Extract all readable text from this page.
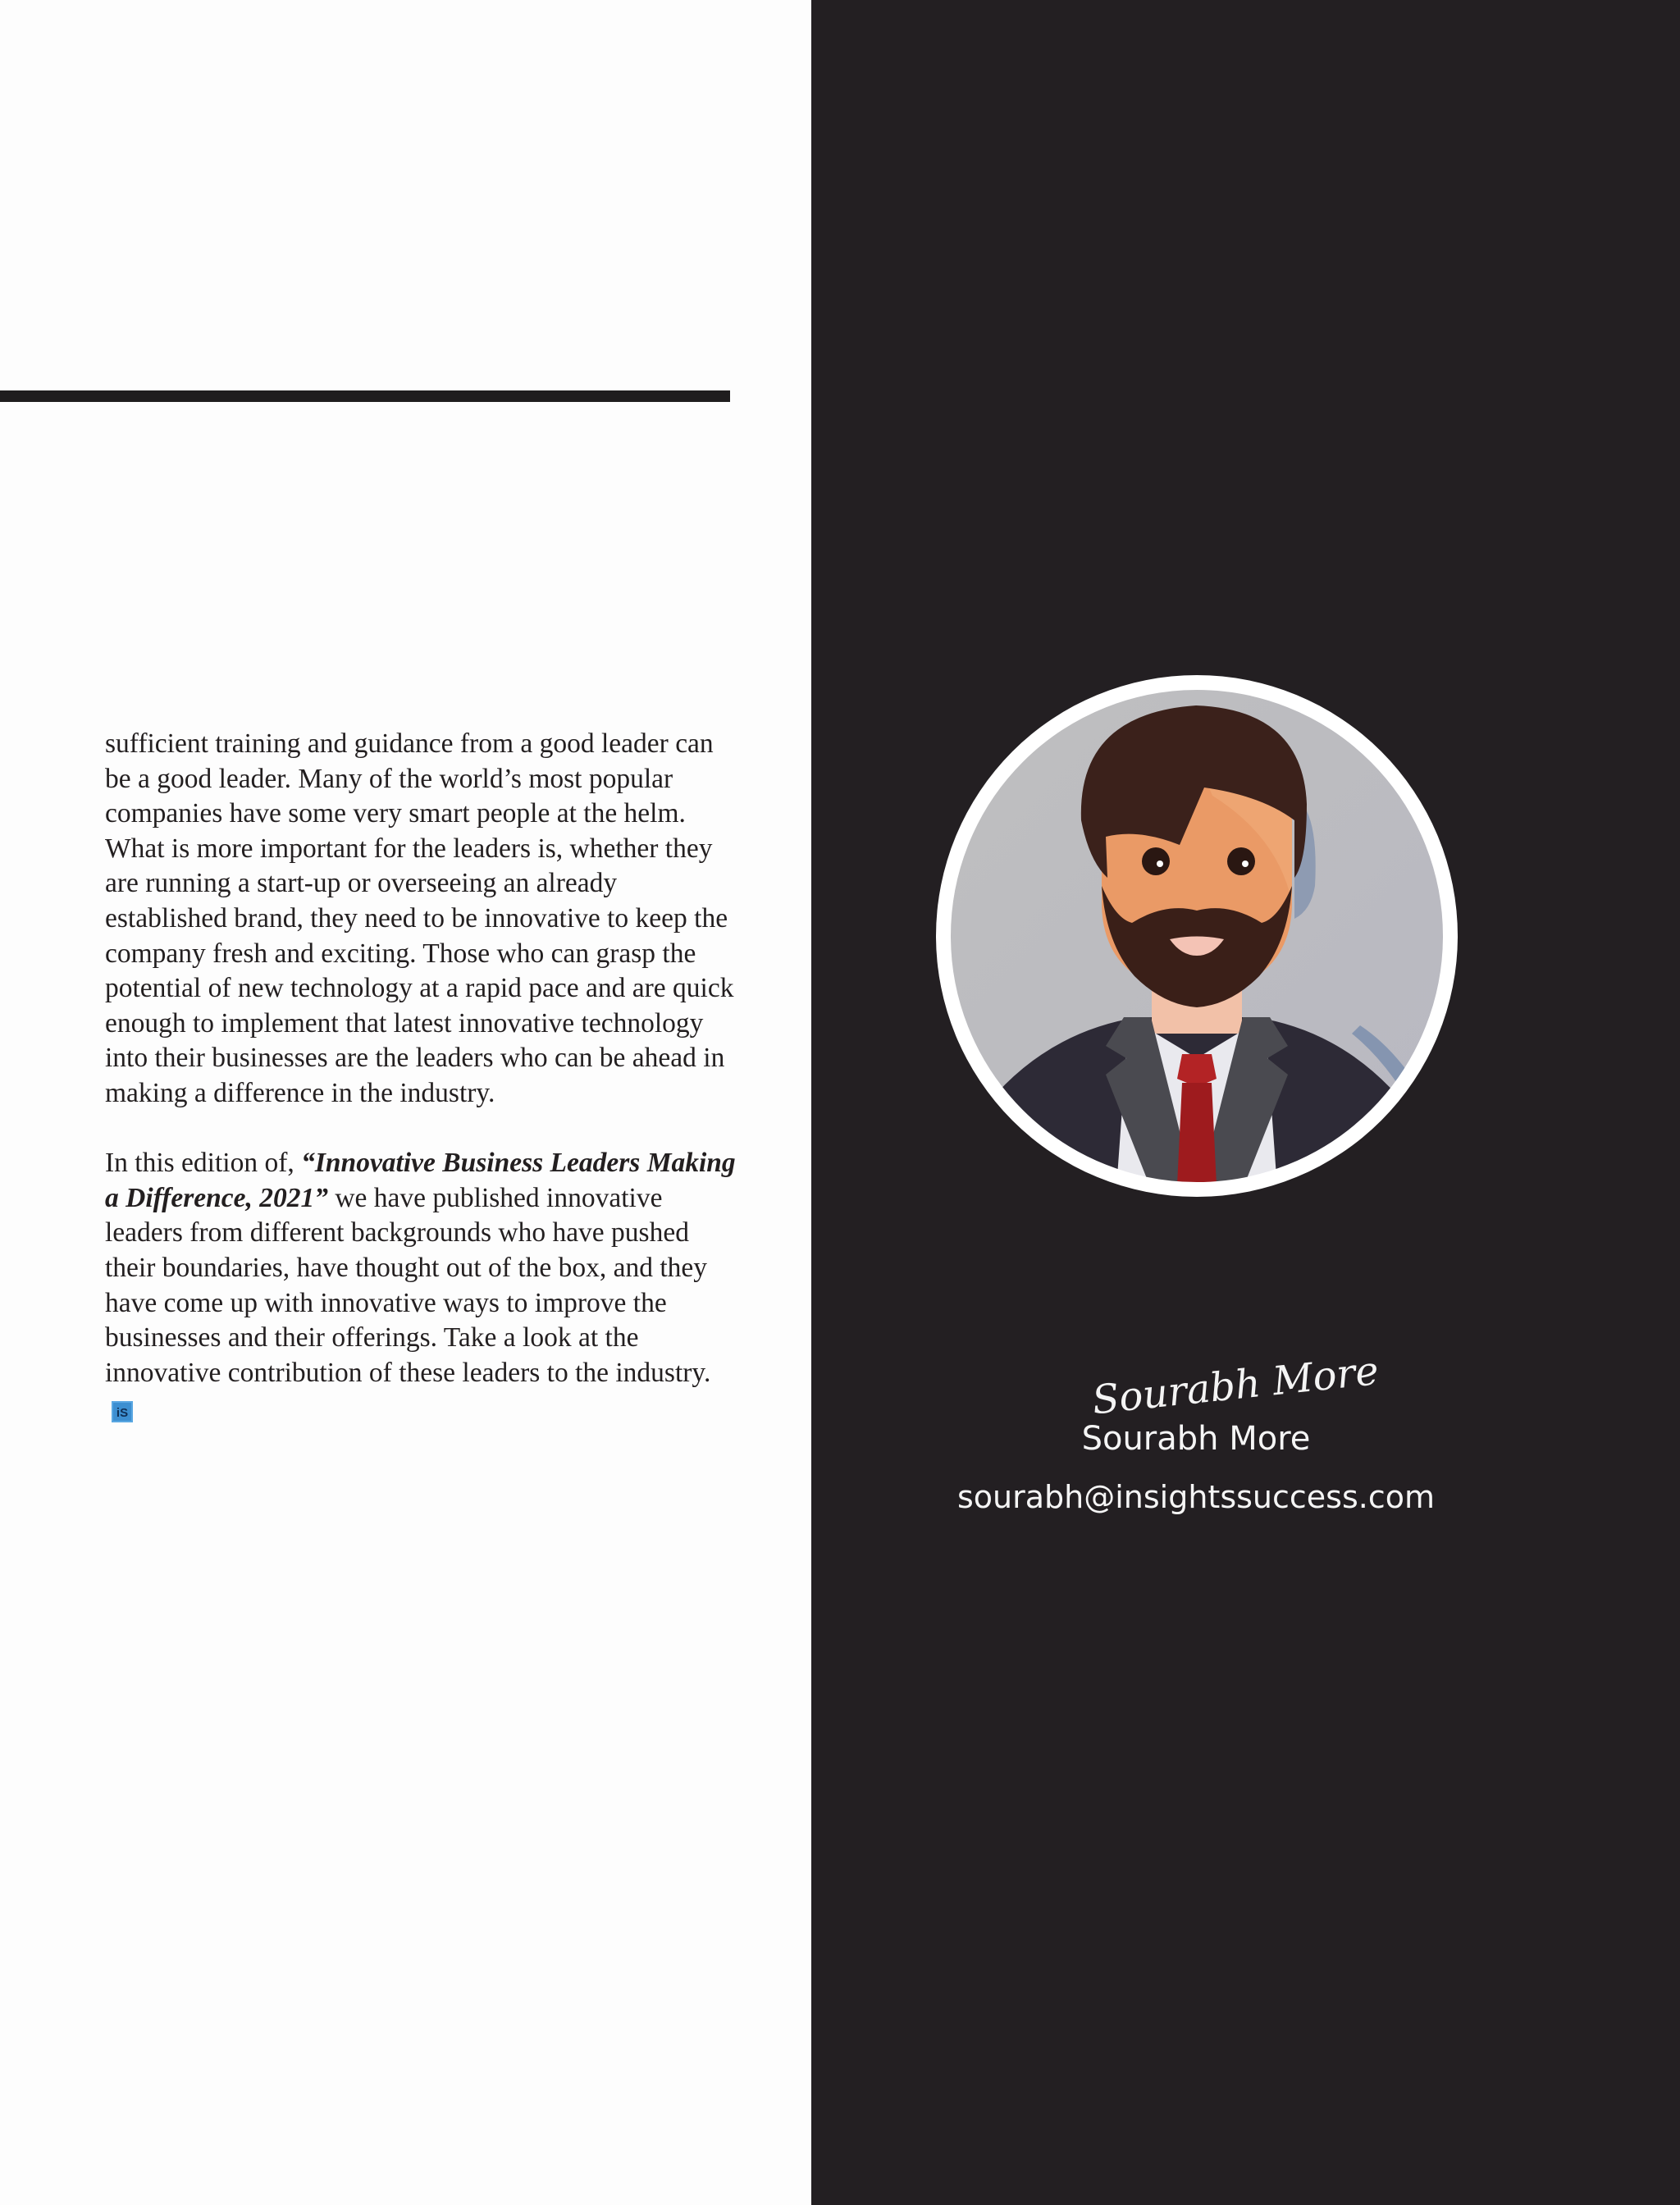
sufficient training and guidance from a good leader can be a good leader. Many of the world’s most popular companies have some very smart people at the helm. What is more important for the leaders is, whether they are running a start-up or overseeing an already established brand, they need to be innovative to keep the company fresh and exciting. Those who can grasp the potential of new technology at a rapid pace and are quick enough to implement that latest innovative technology into their businesses are the leaders who can be ahead in making a difference in the industry.

In this edition of, “Innovative Business Leaders Making a Difference, 2021” we have published innovative leaders from different backgrounds who have pushed their boundaries, have thought out of the box, and they have come up with innovative ways to improve the businesses and their offerings. Take a look at the innovative contribution of these leaders to the industry.iS	Sourabh More
Sourabh More
sourabh@insightssuccess.com
